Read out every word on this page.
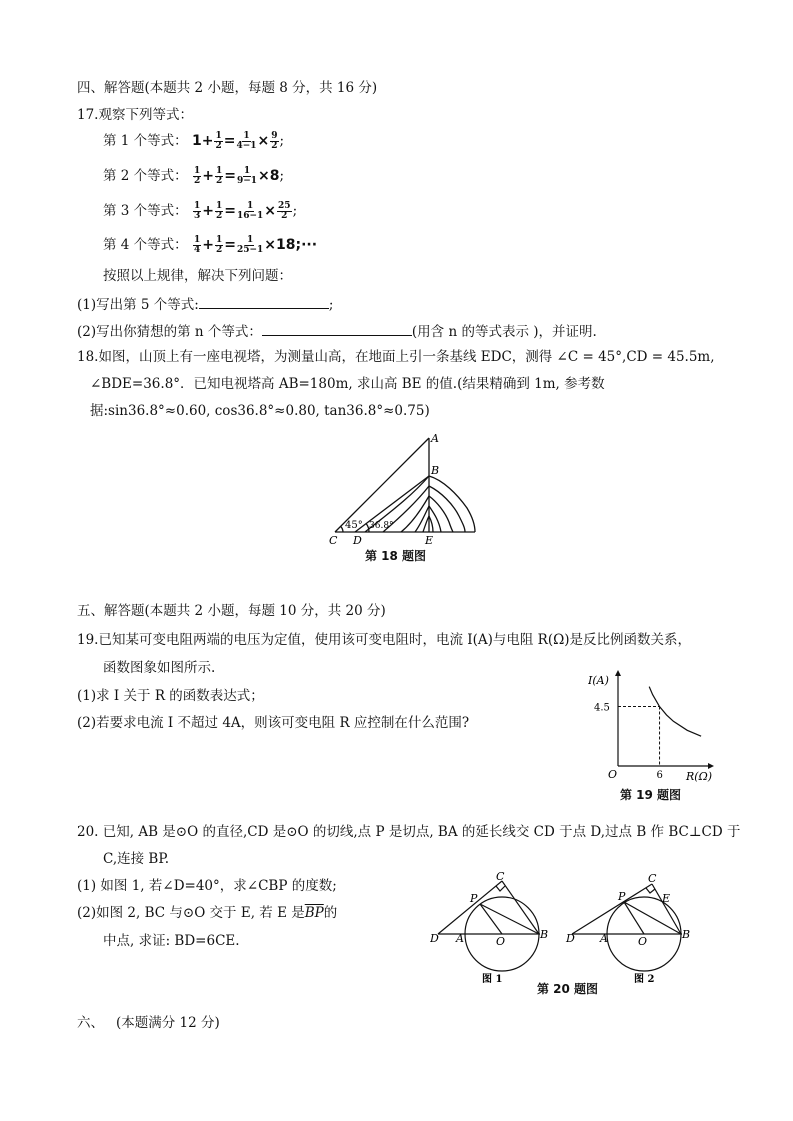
四、解答题(本题共 2 小题，每题 8 分，共 16 分)
17.观察下列等式：
第 1 个等式： $1+ \frac{1}{2} = \frac{1}{4-1} \times \frac{9}{2}$ ;
第 2 个等式： $\frac{1}{2} + \frac{1}{2} = \frac{1}{9-1} \times 8$;
第 3 个等式： $\frac{1}{3} + \frac{1}{2} = \frac{1}{16-1} \times \frac{25}{2}$ ;
第 4 个等式： $\frac{1}{4} + \frac{1}{2} = \frac{1}{25-1}$ ×18;···
按照以上规律，解决下列问题：
(1)写出第 5 个等式:	;
(2)写出你猜想的第 n 个等式：	(用含 n 的等式表示 )，并证明.
18.如图，山顶上有一座电视塔，为测量山高，在地面上引一条基线 EDC，测得 ∠C = 45°,CD = 45.5m,
∠BDE=36.8°．已知电视塔高 AB=180m, 求山高 BE 的值.(结果精确到 1m, 参考数
据:sin36.8°≈0.60, cos36.8°≈0.80, tan36.8°≈0.75)
A
B
C D	E
45° 36.8°
第 18 题图
五、解答题(本题共 2 小题，每题 10 分，共 20 分)
19.已知某可变电阻两端的电压为定值，使用该可变电阻时，电流 I(A)与电阻 R(Ω)是反比例函数关系，
函数图象如图所示.
(1)求 I 关于 R 的函数表达式；
(2)若要求电流 I 不超过 4A，则该可变电阻 R 应控制在什么范围?
4.5
6
I(A)
R(Ω)
O
第 19 题图
20. 已知, AB 是⊙O 的直径,CD 是⊙O 的切线,点 P 是切点, BA 的延长线交 CD 于点 D,过点 B 作 BC⊥CD 于
C,连接 BP.
(1) 如图 1, 若∠D=40°，求∠CBP 的度数;
(2)如图 2, BC 与⊙O 交于 E, 若 E 是$\overline{BP}$的
中点, 求证: BD=6CE.
C
P
D A	O
B
图 1
C
P	E
D A	O
B
图 2
第 20 题图
六、 (本题满分 12 分)
